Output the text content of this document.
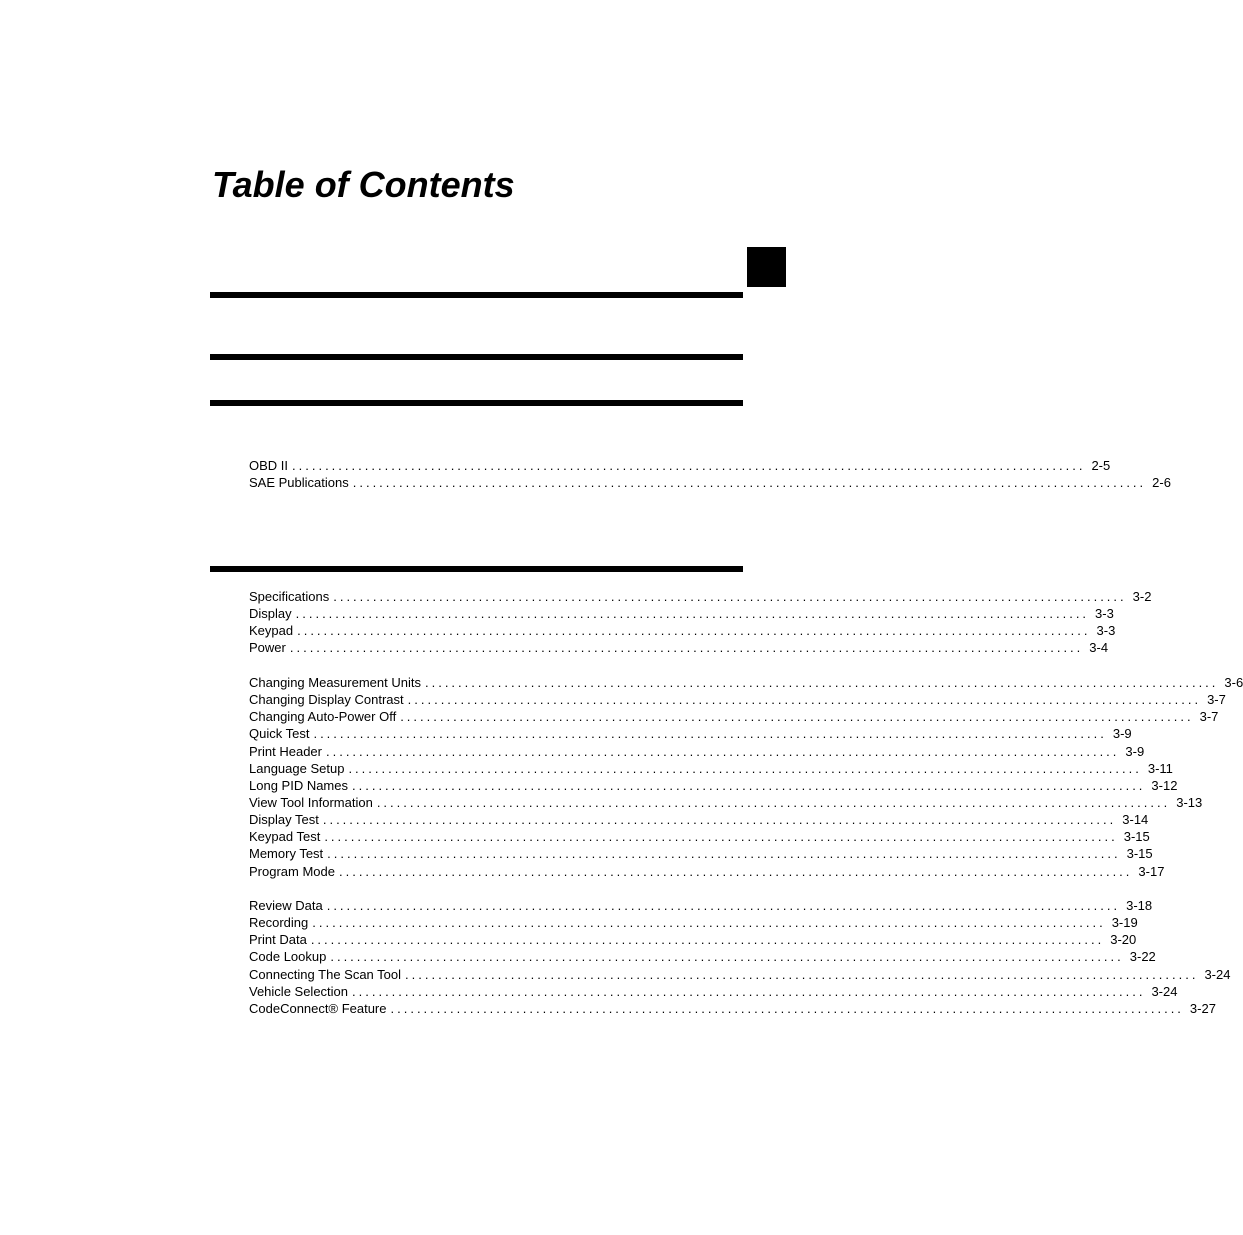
Table of Contents
OBD II ........................................................................................................................ 2-5
SAE Publications ........................................................................................................................ 2-6
Specifications ........................................................................................................................ 3-2
Display ........................................................................................................................ 3-3
Keypad ........................................................................................................................ 3-3
Power ........................................................................................................................ 3-4
Changing Measurement Units ........................................................................................................................ 3-6
Changing Display Contrast ........................................................................................................................ 3-7
Changing Auto-Power Off ........................................................................................................................ 3-7
Quick Test ........................................................................................................................ 3-9
Print Header ........................................................................................................................ 3-9
Language Setup ........................................................................................................................ 3-11
Long PID Names ........................................................................................................................ 3-12
View Tool Information ........................................................................................................................ 3-13
Display Test ........................................................................................................................ 3-14
Keypad Test ........................................................................................................................ 3-15
Memory Test ........................................................................................................................ 3-15
Program Mode ........................................................................................................................ 3-17
Review Data ........................................................................................................................ 3-18
Recording ........................................................................................................................ 3-19
Print Data ........................................................................................................................ 3-20
Code Lookup ........................................................................................................................ 3-22
Connecting The Scan Tool ........................................................................................................................ 3-24
Vehicle Selection ........................................................................................................................ 3-24
CodeConnect® Feature ........................................................................................................................ 3-27
